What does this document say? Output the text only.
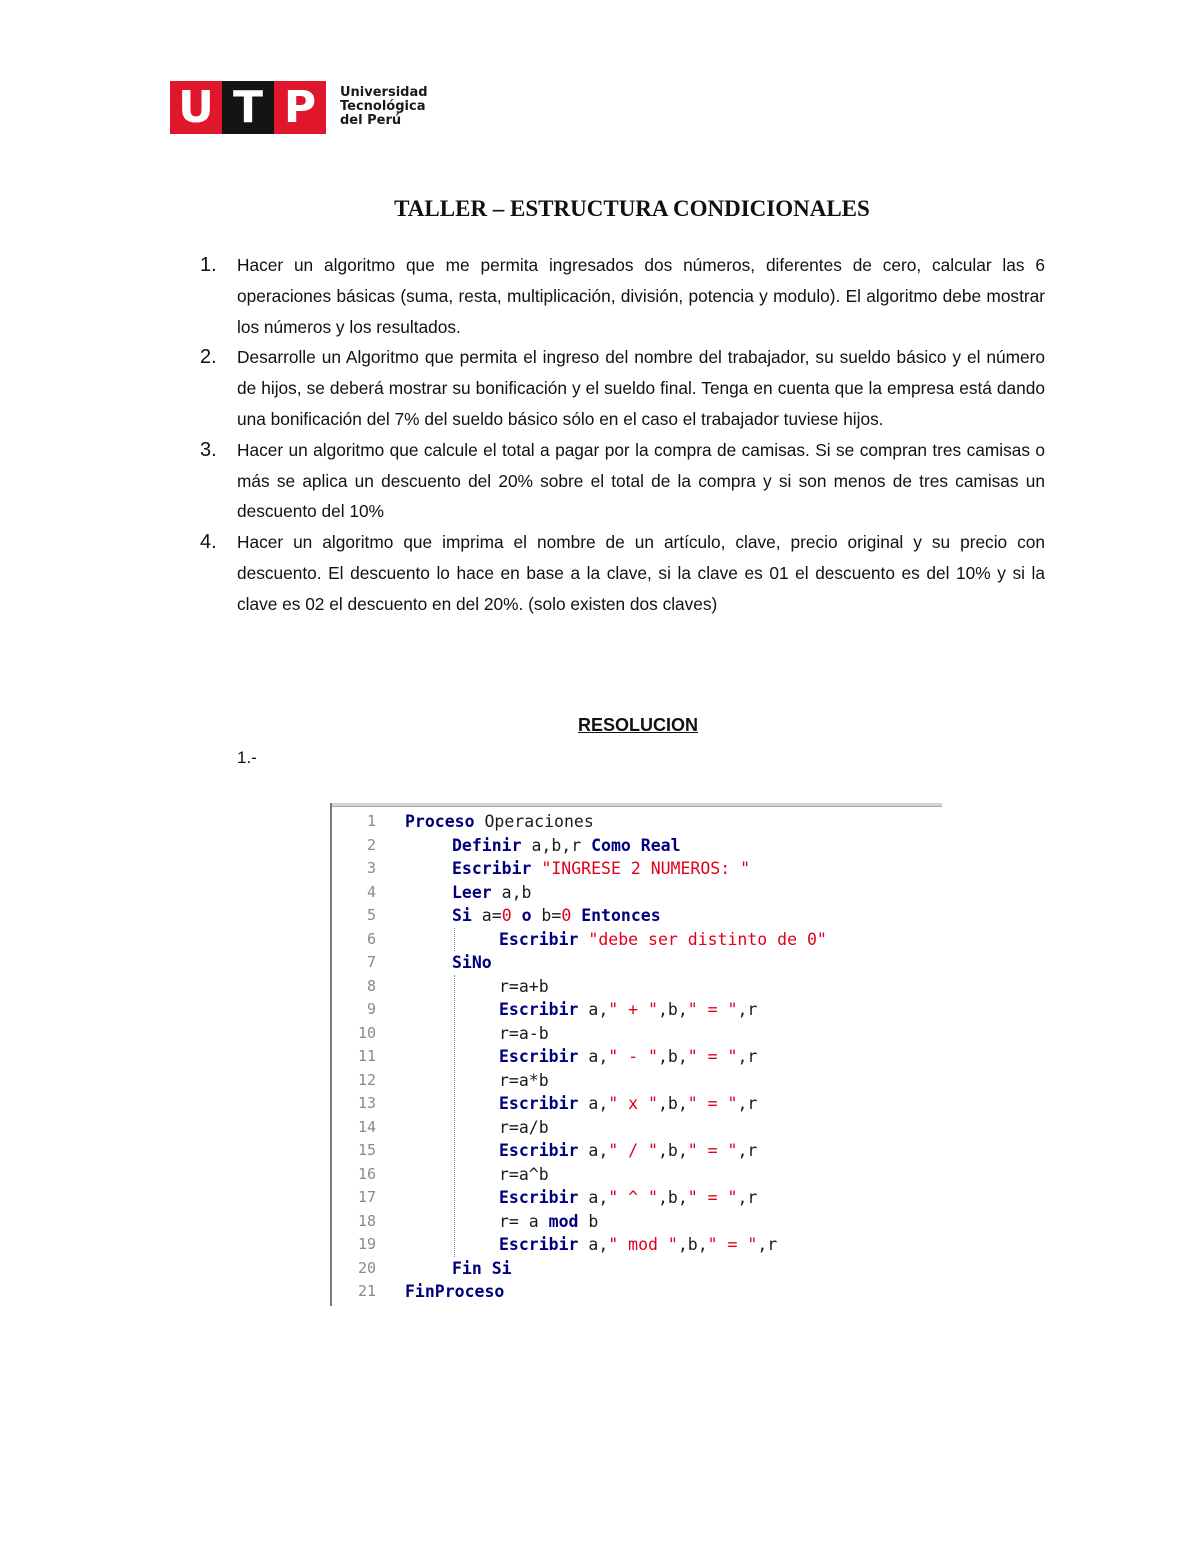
U T P	Universidad
Tecnológica
del Perú
TALLER – ESTRUCTURA CONDICIONALES
1. Hacer un algoritmo que me permita ingresados dos números, diferentes de cero, calcular las 6 operaciones básicas (suma, resta, multiplicación, división, potencia y modulo). El algoritmo debe mostrar los números y los resultados.
2. Desarrolle un Algoritmo que permita el ingreso del nombre del trabajador, su sueldo básico y el número de hijos, se deberá mostrar su bonificación y el sueldo final. Tenga en cuenta que la empresa está dando una bonificación del 7% del sueldo básico sólo en el caso el trabajador tuviese hijos.
3. Hacer un algoritmo que calcule el total a pagar por la compra de camisas. Si se compran tres camisas o más se aplica un descuento del 20% sobre el total de la compra y si son menos de tres camisas un descuento del 10%
4. Hacer un algoritmo que imprima el nombre de un artículo, clave, precio original y su precio con descuento. El descuento lo hace en base a la clave, si la clave es 01 el descuento es del 10% y si la clave es 02 el descuento en del 20%. (solo existen dos claves)
RESOLUCION
1.-
1 Proceso Operaciones
2	Definir a,b,r Como Real
3	Escribir "INGRESE 2 NUMEROS: "
4	Leer a,b
5	Si a=0 o b=0 Entonces
6	Escribir "debe ser distinto de 0"
7	SiNo
8	r=a+b
9	Escribir a," + ",b," = ",r
10	r=a-b
11	Escribir a," - ",b," = ",r
12	r=a*b
13	Escribir a," x ",b," = ",r
14	r=a/b
15	Escribir a," / ",b," = ",r
16	r=a^b
17	Escribir a," ^ ",b," = ",r
18	r= a mod b
19	Escribir a," mod ",b," = ",r
20	Fin Si
21 FinProceso
